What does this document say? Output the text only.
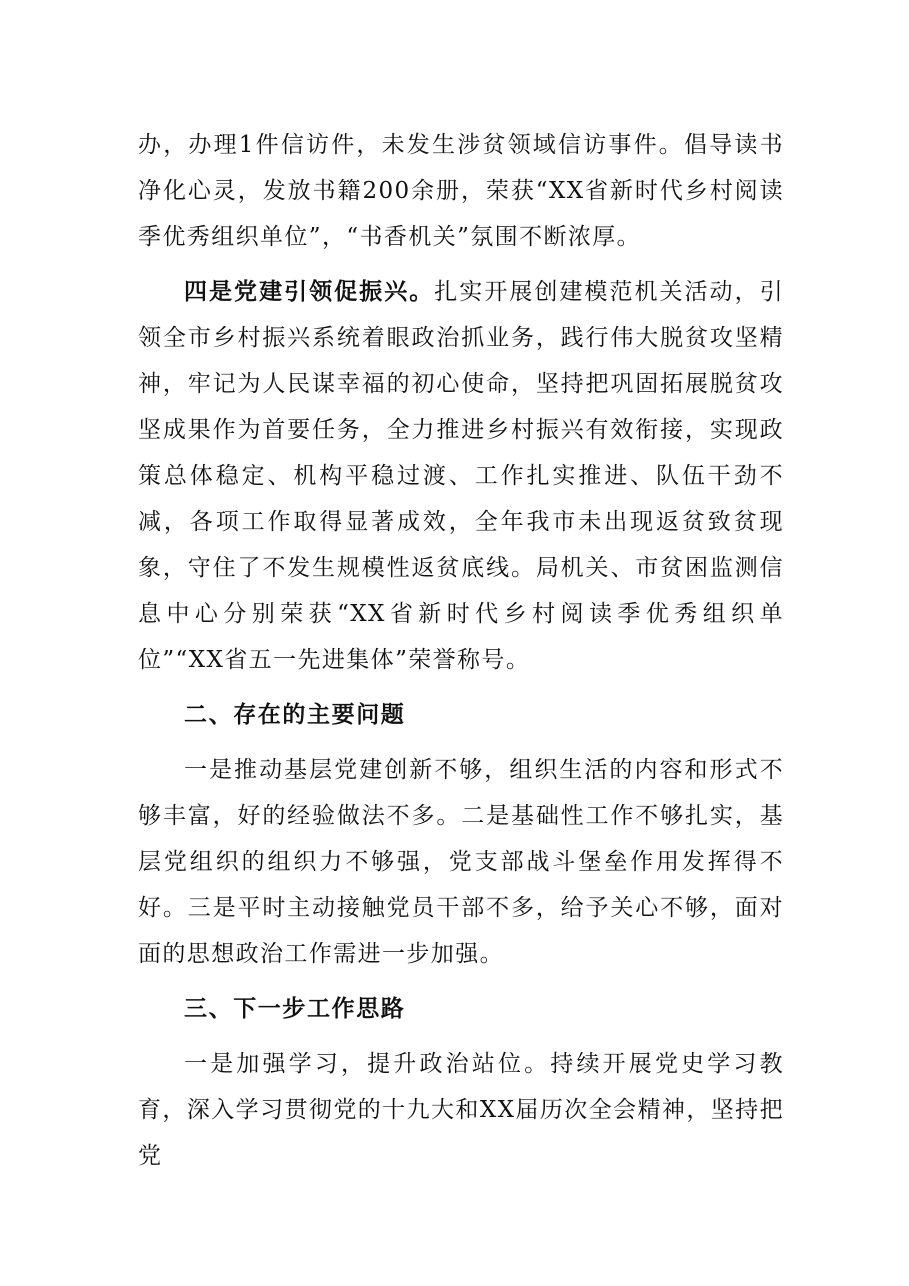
办，办理1件信访件，未发生涉贫领域信访事件。倡导读书净化心灵，发放书籍200余册，荣获“XX省新时代乡村阅读季优秀组织单位”，“书香机关”氛围不断浓厚。

四是党建引领促振兴。扎实开展创建模范机关活动，引领全市乡村振兴系统着眼政治抓业务，践行伟大脱贫攻坚精神，牢记为人民谋幸福的初心使命，坚持把巩固拓展脱贫攻坚成果作为首要任务，全力推进乡村振兴有效衔接，实现政策总体稳定、机构平稳过渡、工作扎实推进、队伍干劲不减，各项工作取得显著成效，全年我市未出现返贫致贫现象，守住了不发生规模性返贫底线。局机关、市贫困监测信息中心分别荣获“XX省新时代乡村阅读季优秀组织单位”“XX省五一先进集体”荣誉称号。

二、存在的主要问题

一是推动基层党建创新不够，组织生活的内容和形式不够丰富，好的经验做法不多。二是基础性工作不够扎实，基层党组织的组织力不够强，党支部战斗堡垒作用发挥得不好。三是平时主动接触党员干部不多，给予关心不够，面对面的思想政治工作需进一步加强。

三、下一步工作思路

一是加强学习，提升政治站位。持续开展党史学习教育，深入学习贯彻党的十九大和XX届历次全会精神，坚持把党
